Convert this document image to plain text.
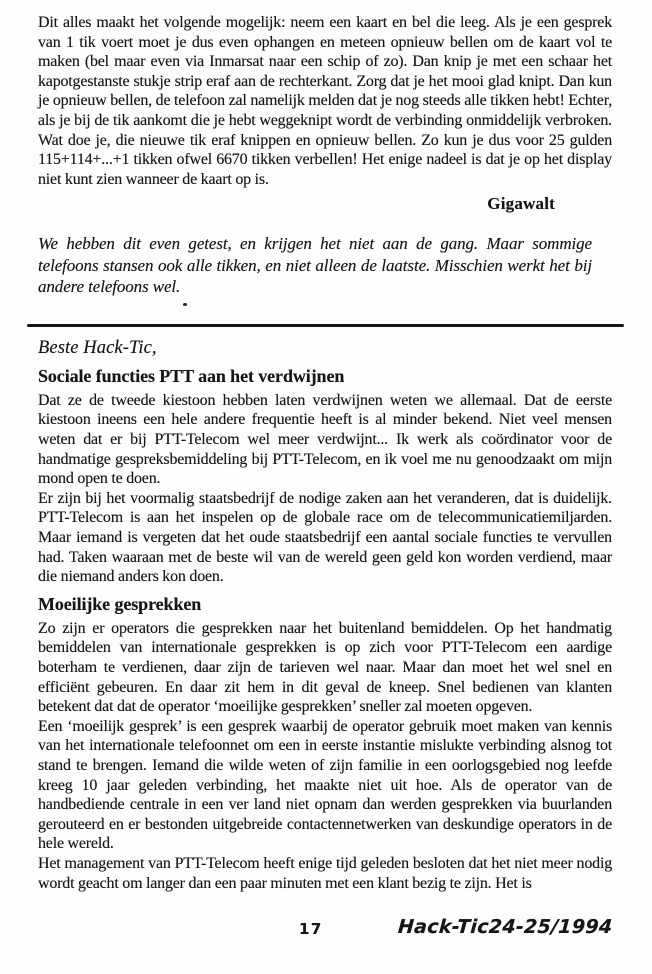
Dit alles maakt het volgende mogelijk: neem een kaart en bel die leeg. Als je een gesprek van 1 tik voert moet je dus even ophangen en meteen opnieuw bellen om de kaart vol te maken (bel maar even via Inmarsat naar een schip of zo). Dan knip je met een schaar het kapotgestanste stukje strip eraf aan de rechterkant. Zorg dat je het mooi glad knipt. Dan kun je opnieuw bellen, de telefoon zal namelijk melden dat je nog steeds alle tikken hebt! Echter, als je bij de tik aankomt die je hebt weggeknipt wordt de verbinding onmiddelijk verbroken. Wat doe je, die nieuwe tik eraf knippen en opnieuw bellen. Zo kun je dus voor 25 gulden 115+114+...+1 tikken ofwel 6670 tikken verbellen! Het enige nadeel is dat je op het display niet kunt zien wanneer de kaart op is.

Gigawalt

We hebben dit even getest, en krijgen het niet aan de gang. Maar sommige telefoons stansen ook alle tikken, en niet alleen de laatste. Misschien werkt het bij andere telefoons wel.

Beste Hack-Tic,

Sociale functies PTT aan het verdwijnen

Dat ze de tweede kiestoon hebben laten verdwijnen weten we allemaal. Dat de eerste kiestoon ineens een hele andere frequentie heeft is al minder bekend. Niet veel mensen weten dat er bij PTT-Telecom wel meer verdwijnt... Ik werk als coördinator voor de handmatige gespreksbemiddeling bij PTT-Telecom, en ik voel me nu genoodzaakt om mijn mond open te doen.

Er zijn bij het voormalig staatsbedrijf de nodige zaken aan het veranderen, dat is duidelijk. PTT-Telecom is aan het inspelen op de globale race om de telecommunicatiemiljarden. Maar iemand is vergeten dat het oude staatsbedrijf een aantal sociale functies te vervullen had. Taken waaraan met de beste wil van de wereld geen geld kon worden verdiend, maar die niemand anders kon doen.

Moeilijke gesprekken

Zo zijn er operators die gesprekken naar het buitenland bemiddelen. Op het handmatig bemiddelen van internationale gesprekken is op zich voor PTT-Telecom een aardige boterham te verdienen, daar zijn de tarieven wel naar. Maar dan moet het wel snel en efficiënt gebeuren. En daar zit hem in dit geval de kneep. Snel bedienen van klanten betekent dat dat de operator ‘moeilijke gesprekken’ sneller zal moeten opgeven.

Een ‘moeilijk gesprek’ is een gesprek waarbij de operator gebruik moet maken van kennis van het internationale telefoonnet om een in eerste instantie mislukte verbinding alsnog tot stand te brengen. Iemand die wilde weten of zijn familie in een oorlogsgebied nog leefde kreeg 10 jaar geleden verbinding, het maakte niet uit hoe. Als de operator van de handbediende centrale in een ver land niet opnam dan werden gesprekken via buurlanden gerouteerd en er bestonden uitgebreide contactennetwerken van deskundige operators in de hele wereld.

Het management van PTT-Telecom heeft enige tijd geleden besloten dat het niet meer nodig wordt geacht om langer dan een paar minuten met een klant bezig te zijn. Het is

17	Hack-Tic24-25/1994
